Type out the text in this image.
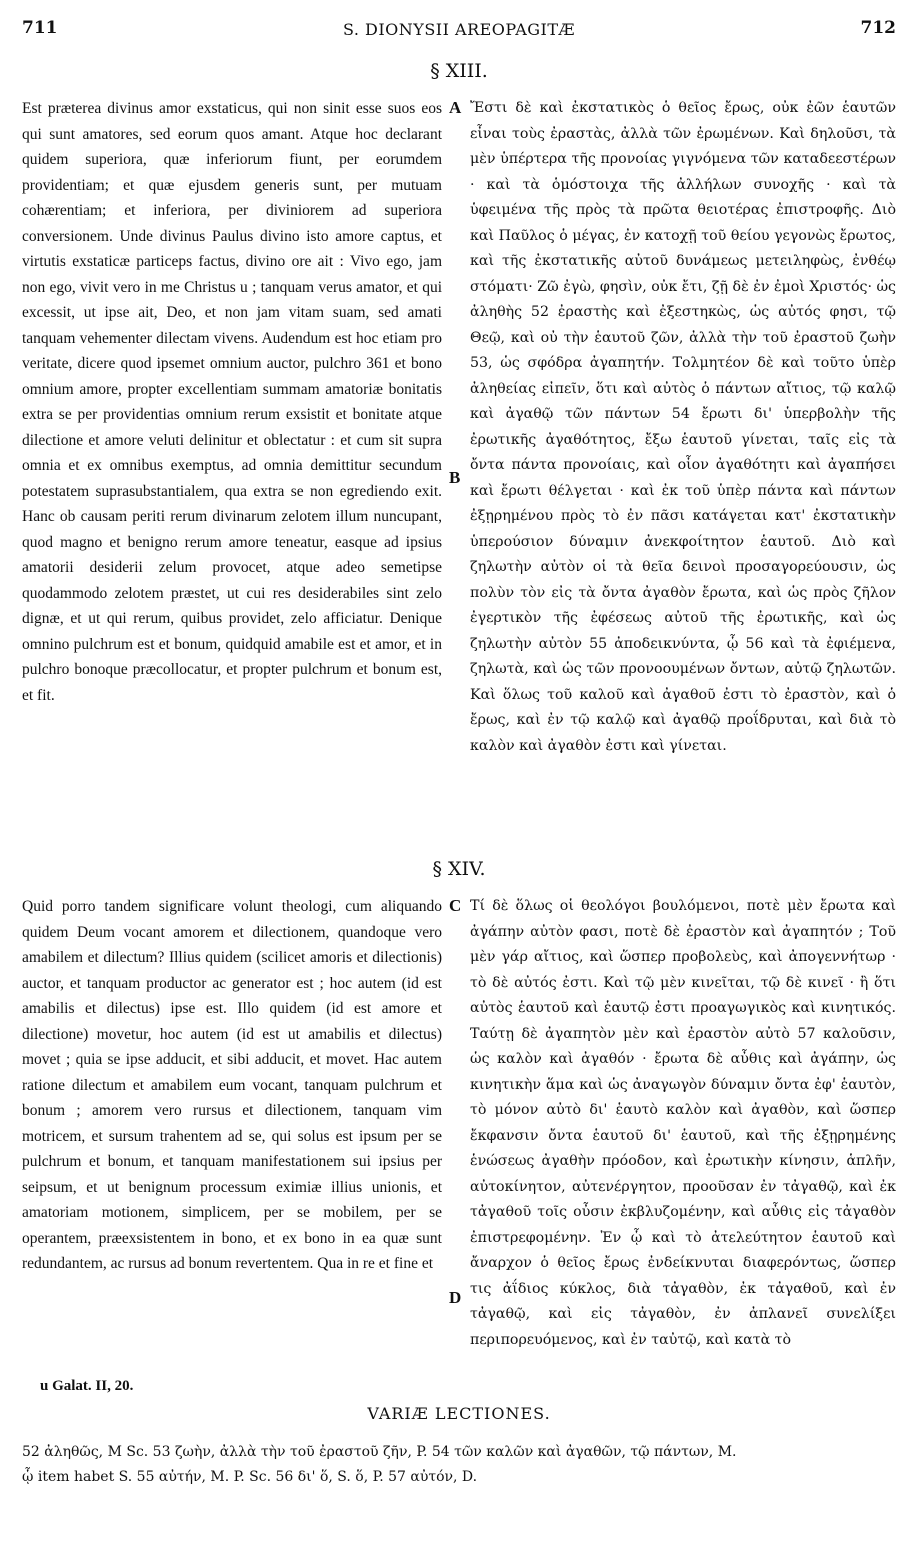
711	S. DIONYSII AREOPAGITÆ	712
§ XIII.

Est præterea divinus amor exstaticus, qui non sinit esse suos eos qui sunt amatores, sed eorum quos amant. Atque hoc declarant quidem superiora, quæ inferiorum fiunt, per eorumdem providentiam; et quæ ejusdem generis sunt, per mutuam cohærentiam; et inferiora, per diviniorem ad superiora conversionem. Unde divinus Paulus divino isto amore captus, et virtutis exstaticæ particeps factus, divino ore ait : Vivo ego, jam non ego, vivit vero in me Christus u ; tanquam verus amator, et qui excessit, ut ipse ait, Deo, et non jam vitam suam, sed amati tanquam vehementer dilectam vivens. Audendum est hoc etiam pro veritate, dicere quod ipsemet omnium auctor, pulchro 361 et bono omnium amore, propter excellentiam summam amatoriæ bonitatis extra se per providentias omnium rerum exsistit et bonitate atque dilectione et amore veluti delinitur et oblectatur : et cum sit supra omnia et ex omnibus exemptus, ad omnia demittitur secundum potestatem suprasubstantialem, qua extra se non egrediendo exit. Hanc ob causam periti rerum divinarum zelotem illum nuncupant, quod magno et benigno rerum amore teneatur, easque ad ipsius amatorii desiderii zelum provocet, atque adeo semetipse quodammodo zelotem præstet, ut cui res desiderabiles sint zelo dignæ, et ut qui rerum, quibus providet, zelo afficiatur. Denique omnino pulchrum est et bonum, quidquid amabile est et amor, et in pulchro bonoque præcollocatur, et propter pulchrum et bonum est, et fit.

Ἔστι δὲ καὶ ἐκστατικὸς ὁ θεῖος ἔρως, οὐκ ἐῶν ἑαυτῶν εἶναι τοὺς ἐραστὰς, ἀλλὰ τῶν ἐρωμένων. Καὶ δηλοῦσι, τὰ μὲν ὑπέρτερα τῆς προνοίας γιγνόμενα τῶν καταδεεστέρων · καὶ τὰ ὁμόστοιχα τῆς ἀλλήλων συνοχῆς · καὶ τὰ ὑφειμένα τῆς πρὸς τὰ πρῶτα θειοτέρας ἐπιστροφῆς. Διὸ καὶ Παῦλος ὁ μέγας, ἐν κατοχῇ τοῦ θείου γεγονὼς ἔρωτος, καὶ τῆς ἐκστατικῆς αὐτοῦ δυνάμεως μετειληφὼς, ἐνθέῳ στόματι· Ζῶ ἐγὼ, φησὶν, οὐκ ἔτι, ζῇ δὲ ἐν ἐμοὶ Χριστός· ὡς ἀληθὴς 52 ἐραστὴς καὶ ἐξεστηκὼς, ὡς αὐτός φησι, τῷ Θεῷ, καὶ οὐ τὴν ἑαυτοῦ ζῶν, ἀλλὰ τὴν τοῦ ἐραστοῦ ζωὴν 53, ὡς σφόδρα ἀγαπητήν. Τολμητέον δὲ καὶ τοῦτο ὑπὲρ ἀληθείας εἰπεῖν, ὅτι καὶ αὐτὸς ὁ πάντων αἴτιος, τῷ καλῷ καὶ ἀγαθῷ τῶν πάντων 54 ἔρωτι δι' ὑπερβολὴν τῆς ἐρωτικῆς ἀγαθότητος, ἔξω ἑαυτοῦ γίνεται, ταῖς εἰς τὰ ὄντα πάντα προνοίαις, καὶ οἷον ἀγαθότητι καὶ ἀγαπήσει καὶ ἔρωτι θέλγεται · καὶ ἐκ τοῦ ὑπὲρ πάντα καὶ πάντων ἐξῃρημένου πρὸς τὸ ἐν πᾶσι κατάγεται κατ' ἐκστατικὴν ὑπερούσιον δύναμιν ἀνεκφοίτητον ἑαυτοῦ. Διὸ καὶ ζηλωτὴν αὐτὸν οἱ τὰ θεῖα δεινοὶ προσαγορεύουσιν, ὡς πολὺν τὸν εἰς τὰ ὄντα ἀγαθὸν ἔρωτα, καὶ ὡς πρὸς ζῆλον ἐγερτικὸν τῆς ἐφέσεως αὐτοῦ τῆς ἐρωτικῆς, καὶ ὡς ζηλωτὴν αὐτὸν 55 ἀποδεικνύντα, ᾧ 56 καὶ τὰ ἐφιέμενα, ζηλωτὰ, καὶ ὡς τῶν προνοουμένων ὄντων, αὐτῷ ζηλωτῶν. Καὶ ὅλως τοῦ καλοῦ καὶ ἀγαθοῦ ἐστι τὸ ἐραστὸν, καὶ ὁ ἔρως, καὶ ἐν τῷ καλῷ καὶ ἀγαθῷ προΐδρυται, καὶ διὰ τὸ καλὸν καὶ ἀγαθὸν ἐστι καὶ γίνεται.

A
B
§ XIV.

Quid porro tandem significare volunt theologi, cum aliquando quidem Deum vocant amorem et dilectionem, quandoque vero amabilem et dilectum? Illius quidem (scilicet amoris et dilectionis) auctor, et tanquam productor ac generator est ; hoc autem (id est amabilis et dilectus) ipse est. Illo quidem (id est amore et dilectione) movetur, hoc autem (id est ut amabilis et dilectus) movet ; quia se ipse adducit, et sibi adducit, et movet. Hac autem ratione dilectum et amabilem eum vocant, tanquam pulchrum et bonum ; amorem vero rursus et dilectionem, tanquam vim motricem, et sursum trahentem ad se, qui solus est ipsum per se pulchrum et bonum, et tanquam manifestationem sui ipsius per seipsum, et ut benignum processum eximiæ illius unionis, et amatoriam motionem, simplicem, per se mobilem, per se operantem, præexsistentem in bono, et ex bono in ea quæ sunt redundantem, ac rursus ad bonum revertentem. Qua in re et fine et

Τί δὲ ὅλως οἱ θεολόγοι βουλόμενοι, ποτὲ μὲν ἔρωτα καὶ ἀγάπην αὐτὸν φασι, ποτὲ δὲ ἐραστὸν καὶ ἀγαπητόν ; Τοῦ μὲν γάρ αἴτιος, καὶ ὥσπερ προβολεὺς, καὶ ἀπογεννήτωρ · τὸ δὲ αὐτός ἐστι. Καὶ τῷ μὲν κινεῖται, τῷ δὲ κινεῖ · ἢ ὅτι αὐτὸς ἑαυτοῦ καὶ ἑαυτῷ ἐστι προαγωγικὸς καὶ κινητικός. Ταύτῃ δὲ ἀγαπητὸν μὲν καὶ ἐραστὸν αὐτὸ 57 καλοῦσιν, ὡς καλὸν καὶ ἀγαθόν · ἔρωτα δὲ αὖθις καὶ ἀγάπην, ὡς κινητικὴν ἅμα καὶ ὡς ἀναγωγὸν δύναμιν ὄντα ἐφ' ἑαυτὸν, τὸ μόνον αὐτὸ δι' ἑαυτὸ καλὸν καὶ ἀγαθὸν, καὶ ὥσπερ ἔκφανσιν ὄντα ἑαυτοῦ δι' ἑαυτοῦ, καὶ τῆς ἐξῃρημένης ἑνώσεως ἀγαθὴν πρόοδον, καὶ ἐρωτικὴν κίνησιν, ἁπλῆν, αὐτοκίνητον, αὐτενέργητον, προοῦσαν ἐν τἀγαθῷ, καὶ ἐκ τἀγαθοῦ τοῖς οὖσιν ἐκβλυζομένην, καὶ αὖθις εἰς τἀγαθὸν ἐπιστρεφομένην. Ἐν ᾧ καὶ τὸ ἀτελεύτητον ἑαυτοῦ καὶ ἄναρχον ὁ θεῖος ἔρως ἐνδείκνυται διαφερόντως, ὥσπερ τις ἀΐδιος κύκλος, διὰ τἀγαθὸν, ἐκ τἀγαθοῦ, καὶ ἐν τἀγαθῷ, καὶ εἰς τἀγαθὸν, ἐν ἀπλανεῖ συνελίξει περιπορευόμενος, καὶ ἐν ταὐτῷ, καὶ κατὰ τὸ

C
D
u Galat. II, 20.
VARIÆ LECTIONES.
52 ἀληθῶς, M Sc. 53 ζωὴν, ἀλλὰ τὴν τοῦ ἐραστοῦ ζῆν, P. 54 τῶν καλῶν καὶ ἀγαθῶν, τῷ πάντων, M.
ᾧ item habet S. 55 αὐτήν, M. P. Sc. 56 δι' ὅ, S. ὅ, P. 57 αὐτόν, D.
